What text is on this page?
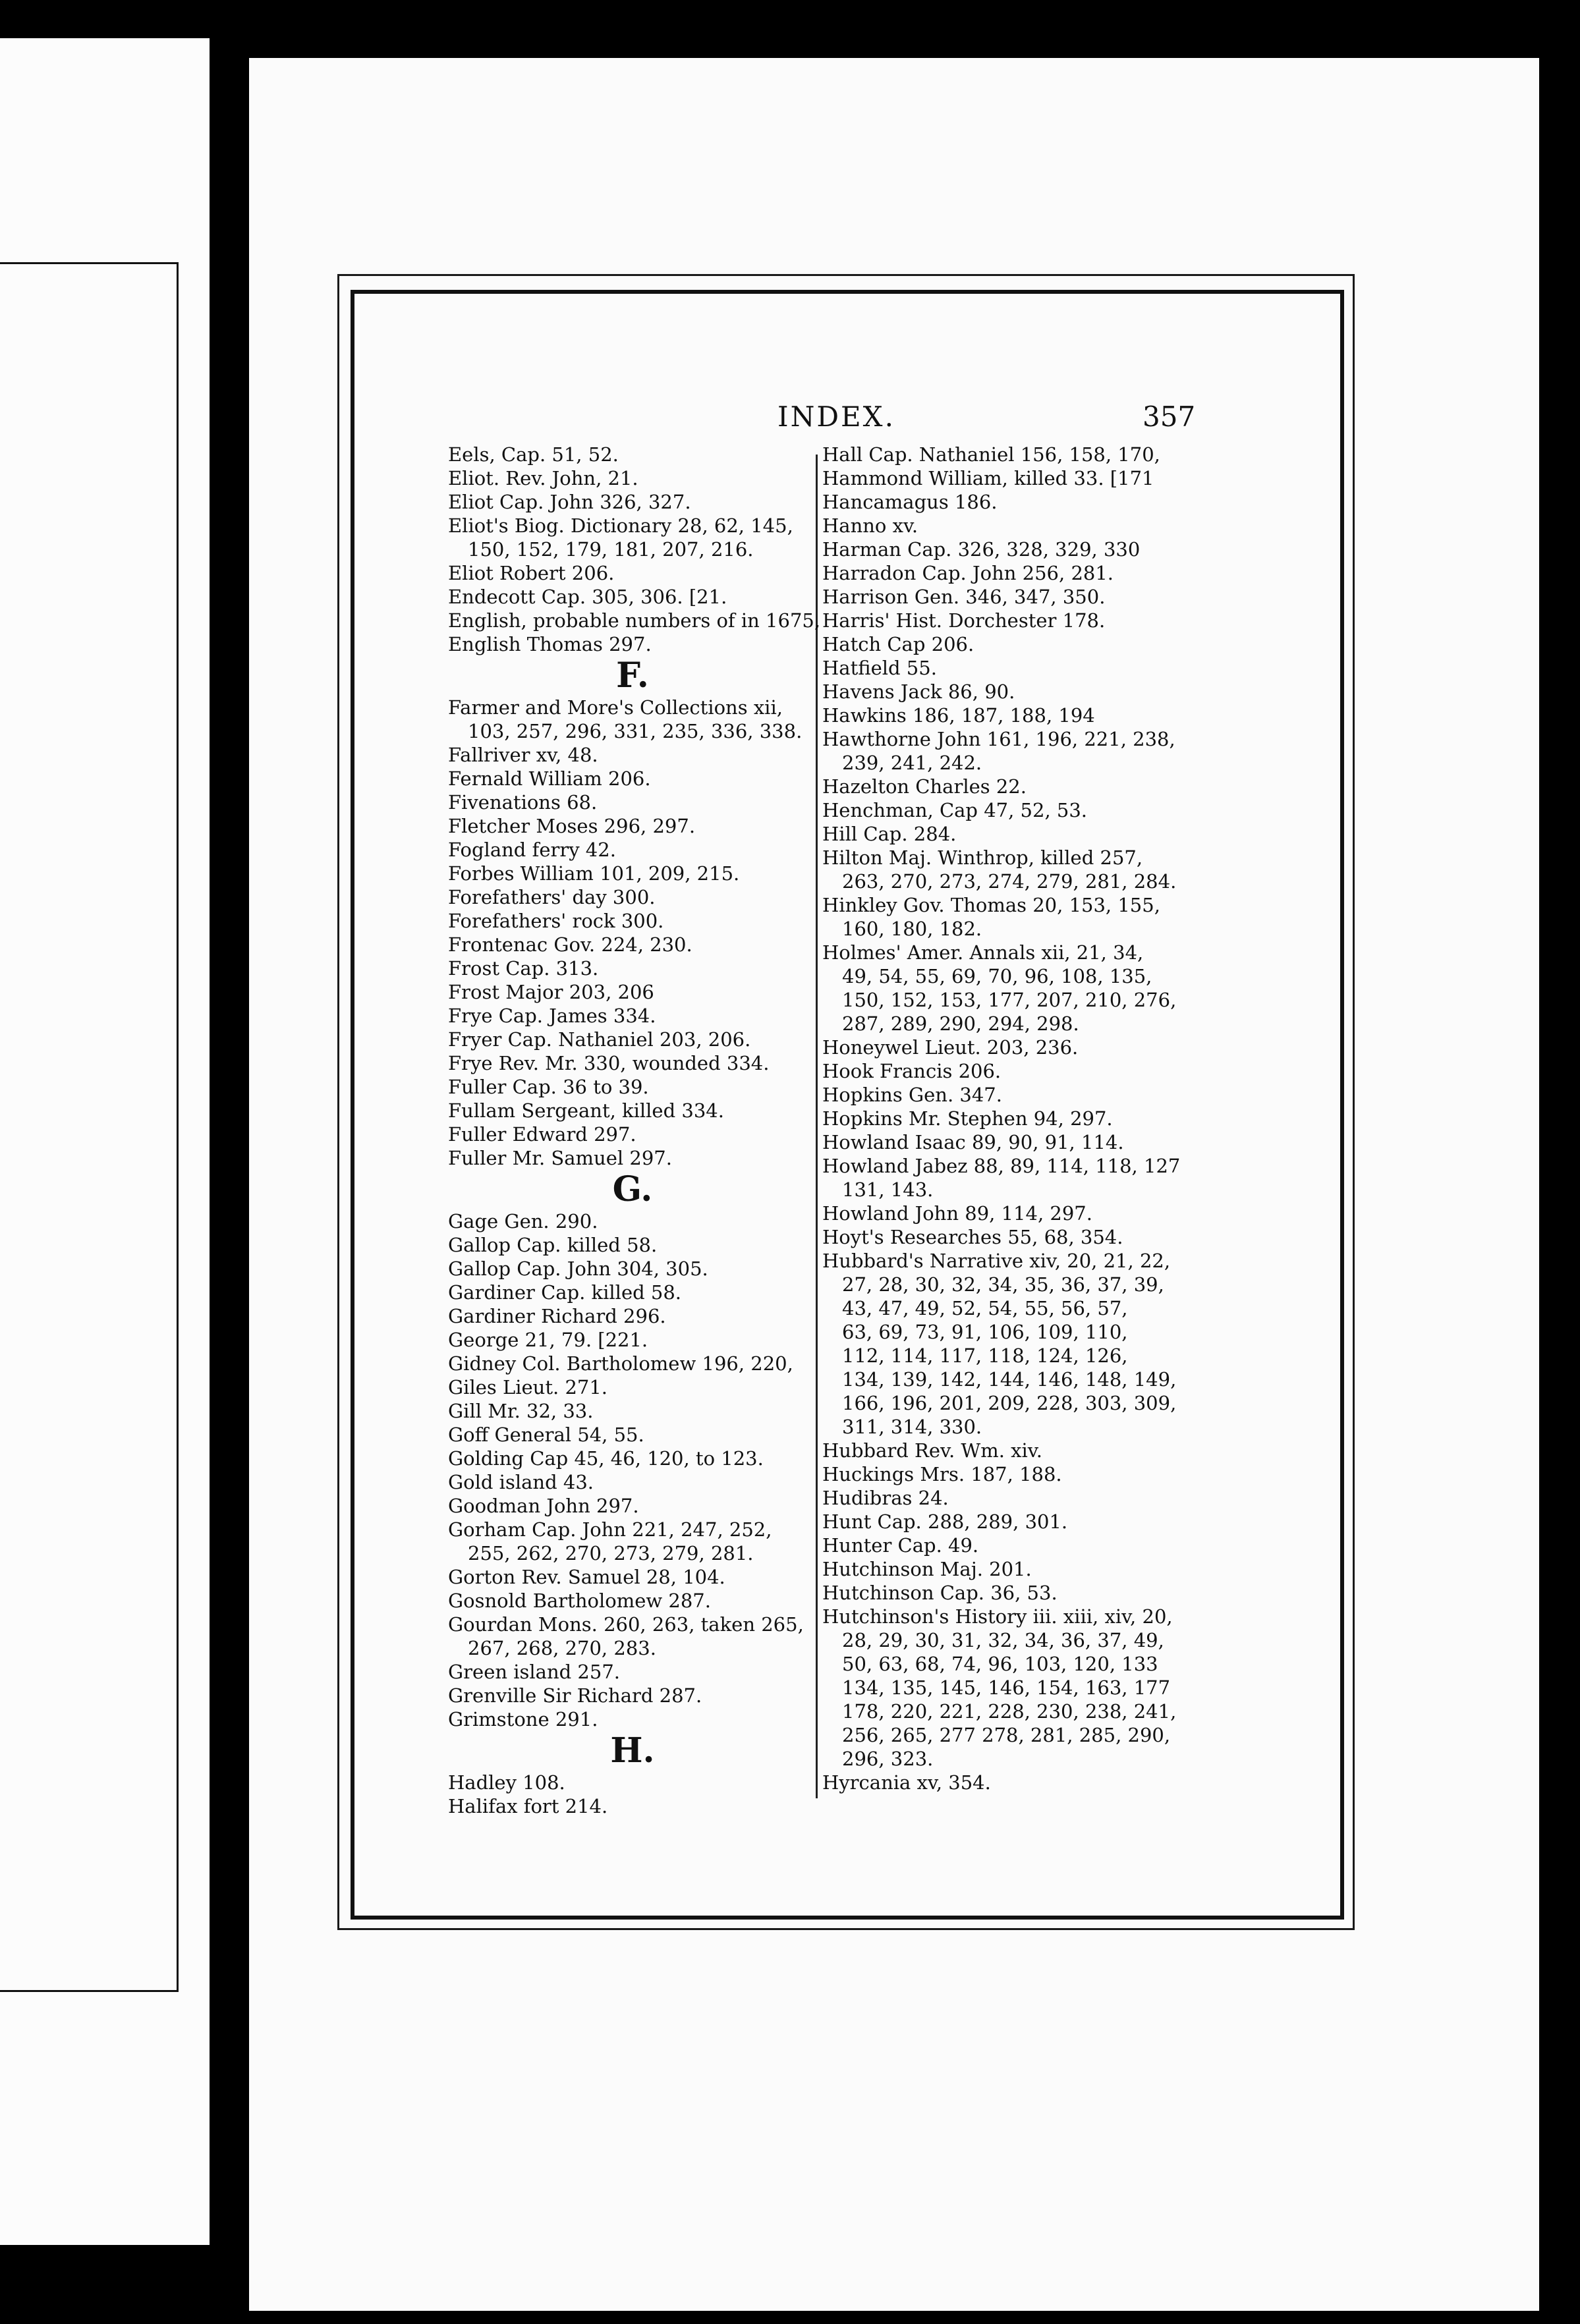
INDEX.	357
Eels, Cap. 51, 52.
Eliot. Rev. John, 21.
Eliot Cap. John 326, 327.
Eliot's Biog. Dictionary 28, 62, 145,
150, 152, 179, 181, 207, 216.
Eliot Robert 206.
Endecott Cap. 305, 306. [21.
English, probable numbers of in 1675,
English Thomas 297.
F.
Farmer and More's Collections xii,
103, 257, 296, 331, 235, 336, 338.
Fallriver xv, 48.
Fernald William 206.
Fivenations 68.
Fletcher Moses 296, 297.
Fogland ferry 42.
Forbes William 101, 209, 215.
Forefathers' day 300.
Forefathers' rock 300.
Frontenac Gov. 224, 230.
Frost Cap. 313.
Frost Major 203, 206
Frye Cap. James 334.
Fryer Cap. Nathaniel 203, 206.
Frye Rev. Mr. 330, wounded 334.
Fuller Cap. 36 to 39.
Fullam Sergeant, killed 334.
Fuller Edward 297.
Fuller Mr. Samuel 297.
G.
Gage Gen. 290.
Gallop Cap. killed 58.
Gallop Cap. John 304, 305.
Gardiner Cap. killed 58.
Gardiner Richard 296.
George 21, 79. [221.
Gidney Col. Bartholomew 196, 220,
Giles Lieut. 271.
Gill Mr. 32, 33.
Goff General 54, 55.
Golding Cap 45, 46, 120, to 123.
Gold island 43.
Goodman John 297.
Gorham Cap. John 221, 247, 252,
255, 262, 270, 273, 279, 281.
Gorton Rev. Samuel 28, 104.
Gosnold Bartholomew 287.
Gourdan Mons. 260, 263, taken 265,
267, 268, 270, 283.
Green island 257.
Grenville Sir Richard 287.
Grimstone 291.
H.
Hadley 108.
Halifax fort 214.
Hall Cap. Nathaniel 156, 158, 170,
Hammond William, killed 33. [171
Hancamagus 186.
Hanno xv.
Harman Cap. 326, 328, 329, 330
Harradon Cap. John 256, 281.
Harrison Gen. 346, 347, 350.
Harris' Hist. Dorchester 178.
Hatch Cap 206.
Hatfield 55.
Havens Jack 86, 90.
Hawkins 186, 187, 188, 194
Hawthorne John 161, 196, 221, 238,
239, 241, 242.
Hazelton Charles 22.
Henchman, Cap 47, 52, 53.
Hill Cap. 284.
Hilton Maj. Winthrop, killed 257,
263, 270, 273, 274, 279, 281, 284.
Hinkley Gov. Thomas 20, 153, 155,
160, 180, 182.
Holmes' Amer. Annals xii, 21, 34,
49, 54, 55, 69, 70, 96, 108, 135,
150, 152, 153, 177, 207, 210, 276,
287, 289, 290, 294, 298.
Honeywel Lieut. 203, 236.
Hook Francis 206.
Hopkins Gen. 347.
Hopkins Mr. Stephen 94, 297.
Howland Isaac 89, 90, 91, 114.
Howland Jabez 88, 89, 114, 118, 127
131, 143.
Howland John 89, 114, 297.
Hoyt's Researches 55, 68, 354.
Hubbard's Narrative xiv, 20, 21, 22,
27, 28, 30, 32, 34, 35, 36, 37, 39,
43, 47, 49, 52, 54, 55, 56, 57,
63, 69, 73, 91, 106, 109, 110,
112, 114, 117, 118, 124, 126,
134, 139, 142, 144, 146, 148, 149,
166, 196, 201, 209, 228, 303, 309,
311, 314, 330.
Hubbard Rev. Wm. xiv.
Huckings Mrs. 187, 188.
Hudibras 24.
Hunt Cap. 288, 289, 301.
Hunter Cap. 49.
Hutchinson Maj. 201.
Hutchinson Cap. 36, 53.
Hutchinson's History iii. xiii, xiv, 20,
28, 29, 30, 31, 32, 34, 36, 37, 49,
50, 63, 68, 74, 96, 103, 120, 133
134, 135, 145, 146, 154, 163, 177
178, 220, 221, 228, 230, 238, 241,
256, 265, 277 278, 281, 285, 290,
296, 323.
Hyrcania xv, 354.
